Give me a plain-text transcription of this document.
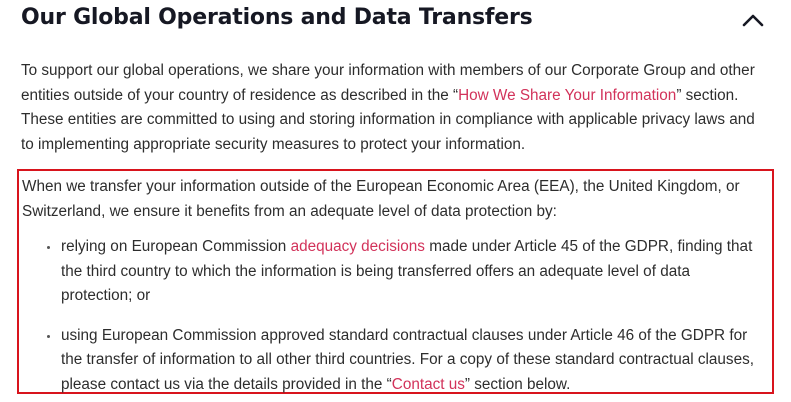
Our Global Operations and Data Transfers

To support our global operations, we share your information with members of our Corporate Group and other entities outside of your country of residence as described in the “How We Share Your Information” section. These entities are committed to using and storing information in compliance with applicable privacy laws and to implementing appropriate security measures to protect your information.

When we transfer your information outside of the European Economic Area (EEA), the United Kingdom, or Switzerland, we ensure it benefits from an adequate level of data protection by:

relying on European Commission adequacy decisions made under Article 45 of the GDPR, finding that the third country to which the information is being transferred offers an adequate level of data protection; or
using European Commission approved standard contractual clauses under Article 46 of the GDPR for the transfer of information to all other third countries. For a copy of these standard contractual clauses, please contact us via the details provided in the “Contact us” section below.
